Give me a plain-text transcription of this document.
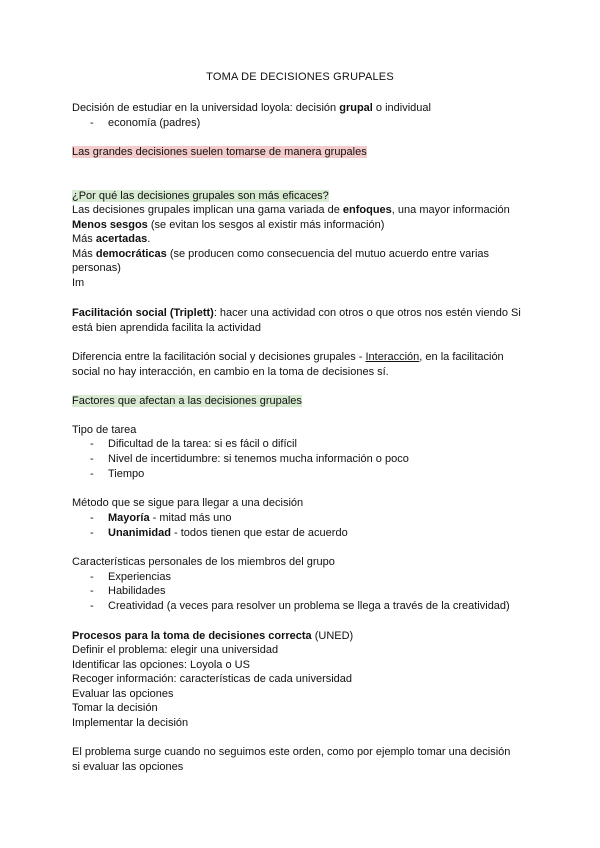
TOMA DE DECISIONES GRUPALES
Decisión de estudiar en la universidad loyola: decisión grupal o individual
- economía (padres)
Las grandes decisiones suelen tomarse de manera grupales
¿Por qué las decisiones grupales son más eficaces?
Las decisiones grupales implican una gama variada de enfoques, una mayor información
Menos sesgos (se evitan los sesgos al existir más información)
Más acertadas.
Más democráticas (se producen como consecuencia del mutuo acuerdo entre varias
personas)
Im
Facilitación social (Triplett): hacer una actividad con otros o que otros nos estén viendo Si
está bien aprendida facilita la actividad
Diferencia entre la facilitación social y decisiones grupales - Interacción, en la facilitación
social no hay interacción, en cambio en la toma de decisiones sí.
Factores que afectan a las decisiones grupales
Tipo de tarea
- Dificultad de la tarea: si es fácil o difícil
- Nivel de incertidumbre: si tenemos mucha información o poco
- Tiempo
Método que se sigue para llegar a una decisión
- Mayoría - mitad más uno
- Unanimidad - todos tienen que estar de acuerdo
Características personales de los miembros del grupo
- Experiencias
- Habilidades
- Creatividad (a veces para resolver un problema se llega a través de la creatividad)
Procesos para la toma de decisiones correcta (UNED)
Definir el problema: elegir una universidad
Identificar las opciones: Loyola o US
Recoger información: características de cada universidad
Evaluar las opciones
Tomar la decisión
Implementar la decisión
El problema surge cuando no seguimos este orden, como por ejemplo tomar una decisión
si evaluar las opciones
